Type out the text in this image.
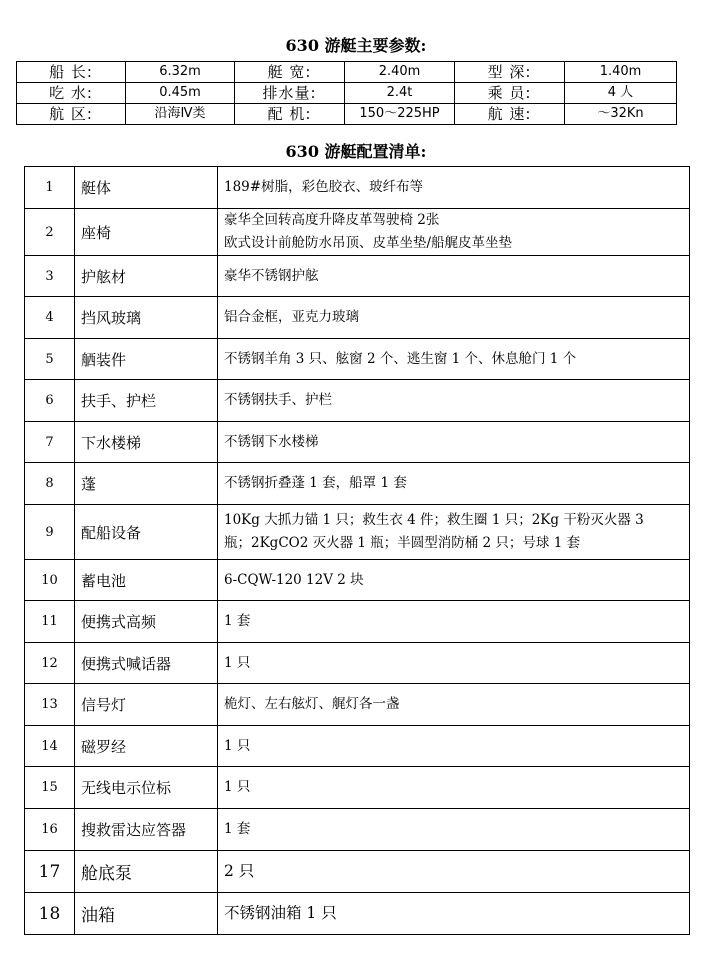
630 游艇主要参数:
船 长:	6.32m	艇 宽:	2.40m	型 深:	1.40m
吃 水:	0.45m	排水量:	2.4t	乘 员:	4 人
航 区:	沿海Ⅳ类	配 机:	150～225HP	航 速:	～32Kn
630 游艇配置清单:
1	艇体	189#树脂，彩色胶衣、玻纤布等

2	座椅	豪华全回转高度升降皮革驾驶椅 2张
欧式设计前舱防水吊顶、皮革坐垫/船艉皮革坐垫

3	护舷材	豪华不锈钢护舷

4	挡风玻璃	铝合金框，亚克力玻璃

5	舾装件	不锈钢羊角 3 只、舷窗 2 个、逃生窗 1 个、休息舱门 1 个

6	扶手、护栏	不锈钢扶手、护栏

7	下水楼梯	不锈钢下水楼梯

8	蓬	不锈钢折叠蓬 1 套，船罩 1 套

9	配船设备	10Kg 大抓力锚 1 只；救生衣 4 件；救生圈 1 只；2Kg 干粉灭火器 3
瓶；2KgCO2 灭火器 1 瓶；半圆型消防桶 2 只；号球 1 套

10	蓄电池	6-CQW-120 12V 2 块

11	便携式高频	1 套

12	便携式喊话器	1 只

13	信号灯	桅灯、左右舷灯、艉灯各一盏

14	磁罗经	1 只

15	无线电示位标	1 只

16	搜救雷达应答器	1 套

17	舱底泵	2 只

18	油箱	不锈钢油箱 1 只
